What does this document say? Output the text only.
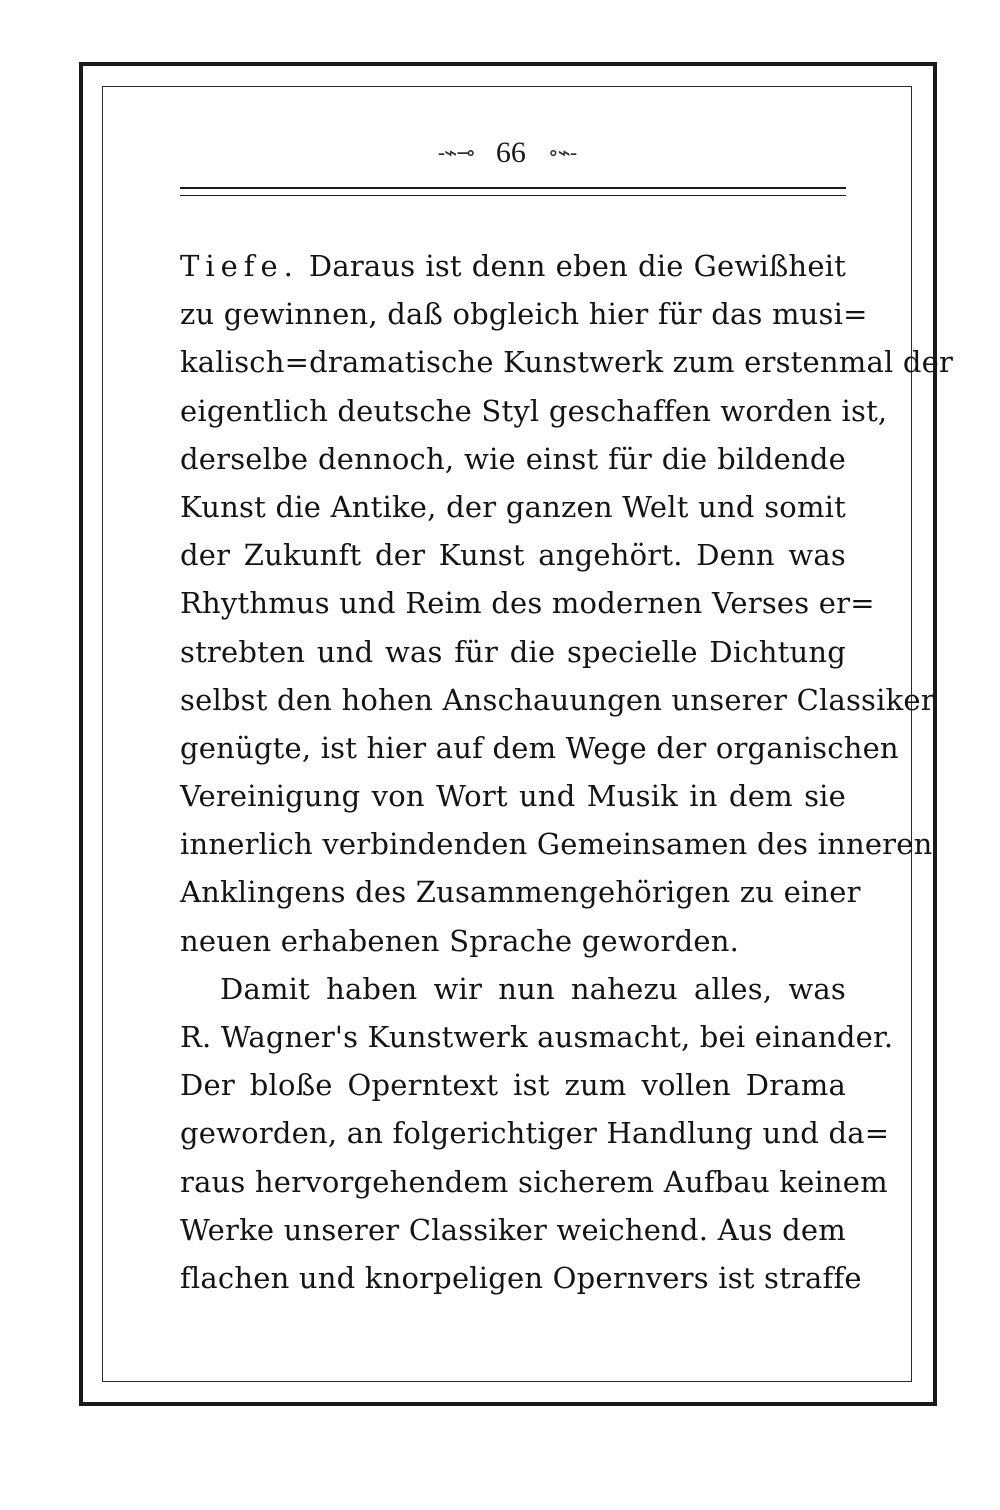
-⌁⊸ 66 ∘⌁-
Tiefe. Daraus ist denn eben die Gewißheit
zu gewinnen, daß obgleich hier für das musi=
kalisch=dramatische Kunstwerk zum erstenmal der
eigentlich deutsche Styl geschaffen worden ist,
derselbe dennoch, wie einst für die bildende
Kunst die Antike, der ganzen Welt und somit
der Zukunft der Kunst angehört. Denn was
Rhythmus und Reim des modernen Verses er=
strebten und was für die specielle Dichtung
selbst den hohen Anschauungen unserer Classiker
genügte, ist hier auf dem Wege der organischen
Vereinigung von Wort und Musik in dem sie
innerlich verbindenden Gemeinsamen des inneren
Anklingens des Zusammengehörigen zu einer
neuen erhabenen Sprache geworden.
Damit haben wir nun nahezu alles, was
R. Wagner's Kunstwerk ausmacht, bei einander.
Der bloße Operntext ist zum vollen Drama
geworden, an folgerichtiger Handlung und da=
raus hervorgehendem sicherem Aufbau keinem
Werke unserer Classiker weichend. Aus dem
flachen und knorpeligen Opernvers ist straffe
